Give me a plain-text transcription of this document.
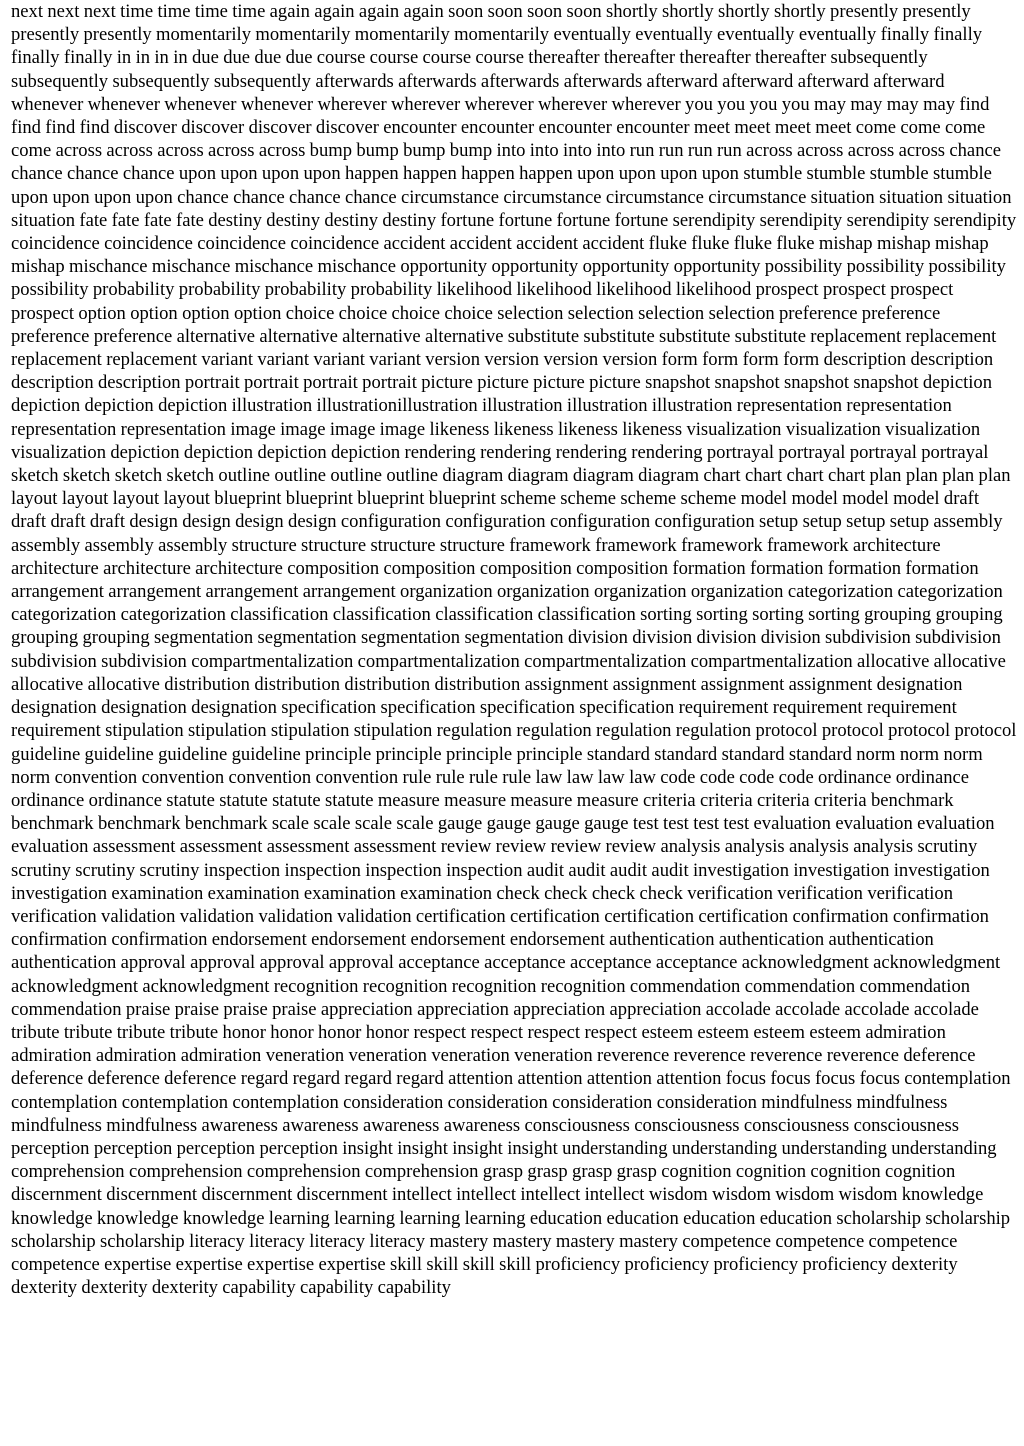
next next next time time time time again again again again soon soon soon soon shortly shortly shortly shortly presently presently presently presently momentarily momentarily momentarily momentarily eventually eventually eventually eventually finally finally finally finally in in in in due due due due course course course course thereafter thereafter thereafter thereafter subsequently subsequently subsequently subsequently afterwards afterwards afterwards afterwards afterward afterward afterward afterward whenever whenever whenever whenever wherever wherever wherever wherever wherever you you you you may may may may find find find find discover discover discover discover encounter encounter encounter encounter meet meet meet meet come come come come across across across across across bump bump bump bump into into into into run run run run across across across across chance chance chance chance upon upon upon upon happen happen happen happen upon upon upon upon stumble stumble stumble stumble upon upon upon upon chance chance chance chance circumstance circumstance circumstance circumstance situation situation situation situation fate fate fate fate destiny destiny destiny destiny fortune fortune fortune fortune serendipity serendipity serendipity serendipity coincidence coincidence coincidence coincidence accident accident accident accident fluke fluke fluke fluke mishap mishap mishap mishap mischance mischance mischance mischance opportunity opportunity opportunity opportunity possibility possibility possibility possibility probability probability probability probability likelihood likelihood likelihood likelihood prospect prospect prospect prospect option option option option choice choice choice choice selection selection selection selection preference preference preference preference alternative alternative alternative alternative substitute substitute substitute substitute replacement replacement replacement replacement variant variant variant variant version version version version form form form form description description description description portrait portrait portrait portrait picture picture picture picture snapshot snapshot snapshot snapshot depiction depiction depiction depiction illustration illustrationillustration illustration illustration illustration representation representation representation representation image image image image likeness likeness likeness likeness visualization visualization visualization visualization depiction depiction depiction depiction rendering rendering rendering rendering portrayal portrayal portrayal portrayal sketch sketch sketch sketch outline outline outline outline diagram diagram diagram diagram chart chart chart chart plan plan plan plan layout layout layout layout blueprint blueprint blueprint blueprint scheme scheme scheme scheme model model model model draft draft draft draft design design design design configuration configuration configuration configuration setup setup setup setup assembly assembly assembly assembly structure structure structure structure framework framework framework framework architecture architecture architecture architecture composition composition composition composition formation formation formation formation arrangement arrangement arrangement arrangement organization organization organization organization categorization categorization categorization categorization classification classification classification classification sorting sorting sorting sorting grouping grouping grouping grouping segmentation segmentation segmentation segmentation division division division division subdivision subdivision subdivision subdivision compartmentalization compartmentalization compartmentalization compartmentalization allocative allocative allocative allocative distribution distribution distribution distribution assignment assignment assignment assignment designation designation designation designation specification specification specification specification requirement requirement requirement requirement stipulation stipulation stipulation stipulation regulation regulation regulation regulation protocol protocol protocol protocol guideline guideline guideline guideline principle principle principle principle standard standard standard standard norm norm norm norm convention convention convention convention rule rule rule rule law law law law code code code code ordinance ordinance ordinance ordinance statute statute statute statute measure measure measure measure criteria criteria criteria criteria benchmark benchmark benchmark benchmark scale scale scale scale gauge gauge gauge gauge test test test test evaluation evaluation evaluation evaluation assessment assessment assessment assessment review review review review analysis analysis analysis analysis scrutiny scrutiny scrutiny scrutiny inspection inspection inspection inspection audit audit audit audit investigation investigation investigation investigation examination examination examination examination check check check check verification verification verification verification validation validation validation validation certification certification certification certification confirmation confirmation confirmation confirmation endorsement endorsement endorsement endorsement authentication authentication authentication authentication approval approval approval approval acceptance acceptance acceptance acceptance acknowledgment acknowledgment acknowledgment acknowledgment recognition recognition recognition recognition commendation commendation commendation commendation praise praise praise praise appreciation appreciation appreciation appreciation accolade accolade accolade accolade tribute tribute tribute tribute honor honor honor honor respect respect respect respect esteem esteem esteem esteem admiration admiration admiration admiration veneration veneration veneration veneration reverence reverence reverence reverence deference deference deference deference regard regard regard regard attention attention attention attention focus focus focus focus contemplation contemplation contemplation contemplation consideration consideration consideration consideration mindfulness mindfulness mindfulness mindfulness awareness awareness awareness awareness consciousness consciousness consciousness consciousness perception perception perception perception insight insight insight insight understanding understanding understanding understanding comprehension comprehension comprehension comprehension grasp grasp grasp grasp cognition cognition cognition cognition discernment discernment discernment discernment intellect intellect intellect intellect wisdom wisdom wisdom wisdom knowledge knowledge knowledge knowledge learning learning learning learning education education education education scholarship scholarship scholarship scholarship literacy literacy literacy literacy mastery mastery mastery mastery competence competence competence competence expertise expertise expertise expertise skill skill skill skill proficiency proficiency proficiency proficiency dexterity dexterity dexterity dexterity capability capability capability
